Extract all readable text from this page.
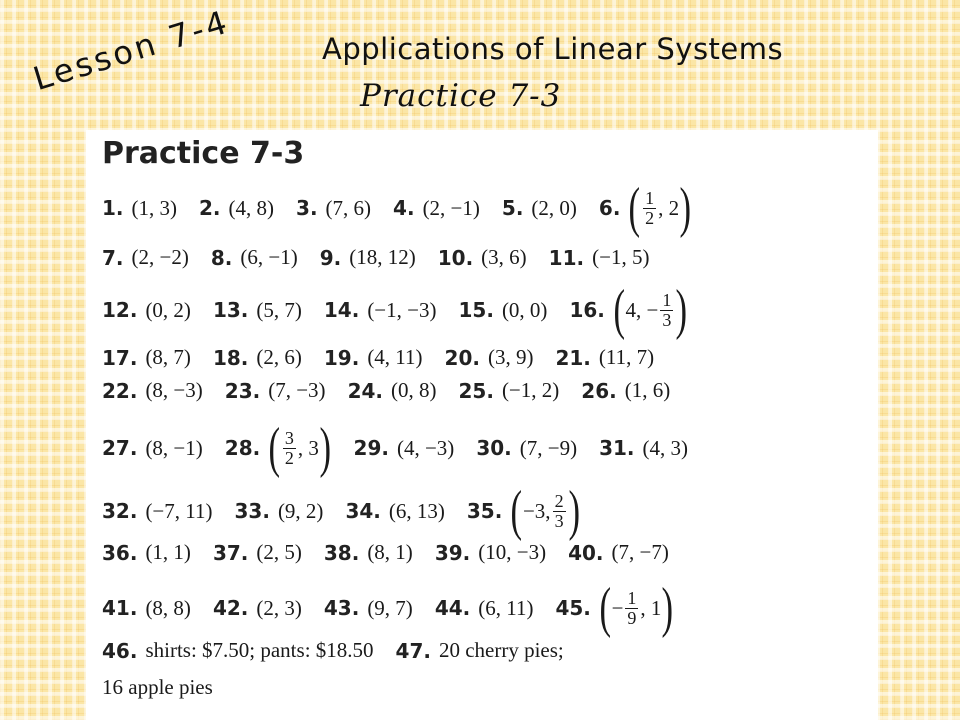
Lesson 7-4	Applications of Linear Systems
Practice 7-3
Practice 7-3
1. (1, 3) 2. (4, 8) 3. (7, 6) 4. (2, −1) 5. (2, 0) 6. ( $\frac{1}{2}$ , 2 )
7. (2, −2) 8. (6, −1) 9. (18, 12) 10. (3, 6) 11. (−1, 5)
12. (0, 2) 13. (5, 7) 14. (−1, −3) 15. (0, 0) 16. ( 4, − $\frac{1}{3}$ )
17. (8, 7) 18. (2, 6) 19. (4, 11) 20. (3, 9) 21. (11, 7)
22. (8, −3) 23. (7, −3) 24. (0, 8) 25. (−1, 2) 26. (1, 6)
27. (8, −1) 28. ( $\frac{3}{2}$ , 3 ) 29. (4, −3) 30. (7, −9) 31. (4, 3)
32. (−7, 11) 33. (9, 2) 34. (6, 13) 35. ( −3, $\frac{2}{3}$ )
36. (1, 1) 37. (2, 5) 38. (8, 1) 39. (10, −3) 40. (7, −7)
41. (8, 8) 42. (2, 3) 43. (9, 7) 44. (6, 11) 45. ( − $\frac{1}{9}$ , 1 )
46. shirts: $7.50; pants: $18.50 47. 20 cherry pies;
16 apple pies
